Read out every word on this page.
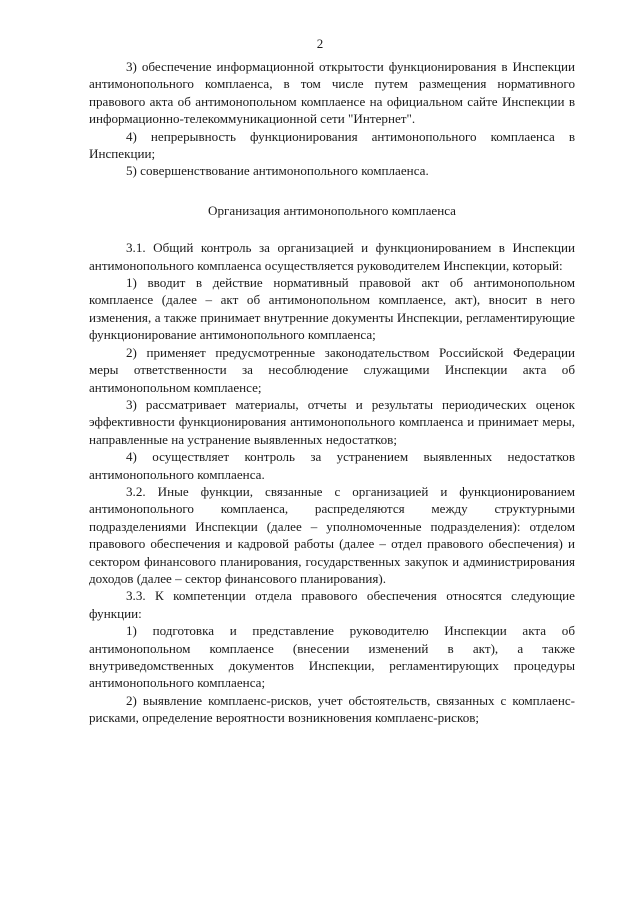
2

3) обеспечение информационной открытости функционирования в Инспекции антимонопольного комплаенса, в том числе путем размещения нормативного правового акта об антимонопольном комплаенсе на официальном сайте Инспекции в информационно-телекоммуникационной сети "Интернет".

4) непрерывность функционирования антимонопольного комплаенса в Инспекции;

5) совершенствование антимонопольного комплаенса.

Организация антимонопольного комплаенса

3.1. Общий контроль за организацией и функционированием в Инспекции антимонопольного комплаенса осуществляется руководителем Инспекции, который:

1) вводит в действие нормативный правовой акт об антимонопольном комплаенсе (далее – акт об антимонопольном комплаенсе, акт), вносит в него изменения, а также принимает внутренние документы Инспекции, регламентирующие функционирование антимонопольного комплаенса;

2) применяет предусмотренные законодательством Российской Федерации меры ответственности за несоблюдение служащими Инспекции акта об антимонопольном комплаенсе;

3) рассматривает материалы, отчеты и результаты периодических оценок эффективности функционирования антимонопольного комплаенса и принимает меры, направленные на устранение выявленных недостатков;

4) осуществляет контроль за устранением выявленных недостатков антимонопольного комплаенса.

3.2. Иные функции, связанные с организацией и функционированием антимонопольного комплаенса, распределяются между структурными подразделениями Инспекции (далее – уполномоченные подразделения): отделом правового обеспечения и кадровой работы (далее – отдел правового обеспечения) и сектором финансового планирования, государственных закупок и администрирования доходов (далее – сектор финансового планирования).

3.3. К компетенции отдела правового обеспечения относятся следующие функции:

1) подготовка и представление руководителю Инспекции акта об антимонопольном комплаенсе (внесении изменений в акт), а также внутриведомственных документов Инспекции, регламентирующих процедуры антимонопольного комплаенса;

2) выявление комплаенс-рисков, учет обстоятельств, связанных с комплаенс-рисками, определение вероятности возникновения комплаенс-рисков;
